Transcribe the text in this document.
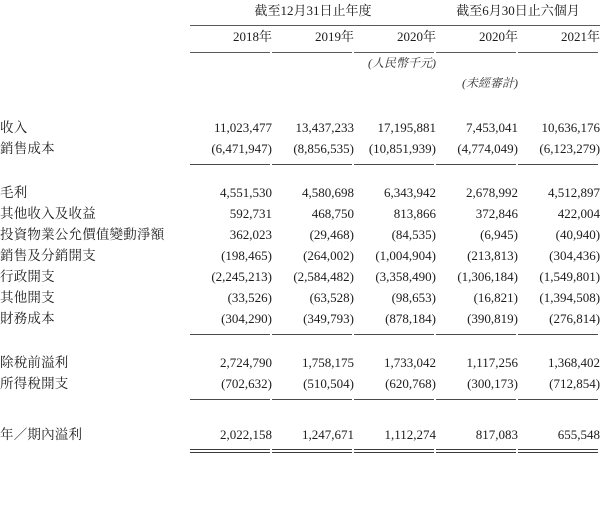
	截至12月31日止年度			截至6月30日止六個月	

	2018年	2019年	2020年	2020年	2021年

			(人民幣千元)		
				(未經審計)	

收入	11,023,477	13,437,233	17,195,881	7,453,041	10,636,176
銷售成本	(6,471,947)	(8,856,535)	(10,851,939)	(4,774,049)	(6,123,279)

毛利	4,551,530	4,580,698	6,343,942	2,678,992	4,512,897
其他收入及收益	592,731	468,750	813,866	372,846	422,004
投資物業公允價值變動淨額	362,023	(29,468)	(84,535)	(6,945)	(40,940)
銷售及分銷開支	(198,465)	(264,002)	(1,004,904)	(213,813)	(304,436)
行政開支	(2,245,213)	(2,584,482)	(3,358,490)	(1,306,184)	(1,549,801)
其他開支	(33,526)	(63,528)	(98,653)	(16,821)	(1,394,508)
財務成本	(304,290)	(349,793)	(878,184)	(390,819)	(276,814)

除稅前溢利	2,724,790	1,758,175	1,733,042	1,117,256	1,368,402
所得稅開支	(702,632)	(510,504)	(620,768)	(300,173)	(712,854)

年／期內溢利	2,022,158	1,247,671	1,112,274	817,083	655,548
